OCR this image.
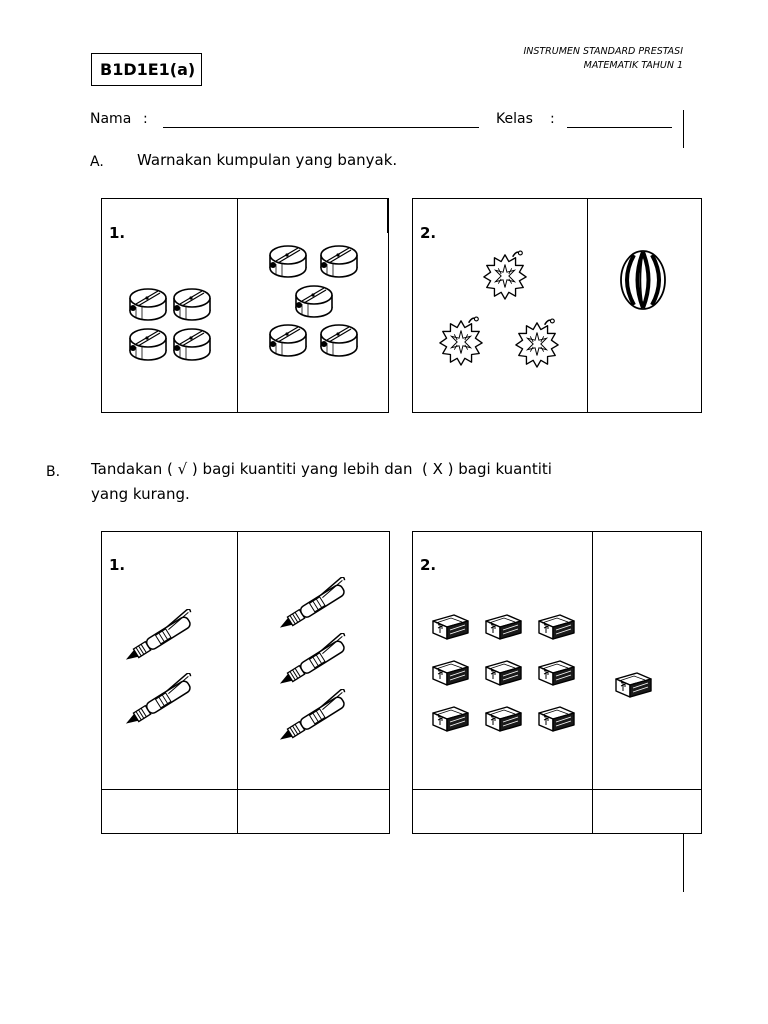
B1D1E1(a)
INSTRUMEN STANDARD PRESTASI
MATEMATIK TAHUN 1
Nama :	Kelas :
A. Warnakan kumpulan yang banyak.
1.	2.
B. Tandakan ( √ ) bagi kuantiti yang lebih dan  ( X ) bagi kuantiti
yang kurang.
1.	2.
